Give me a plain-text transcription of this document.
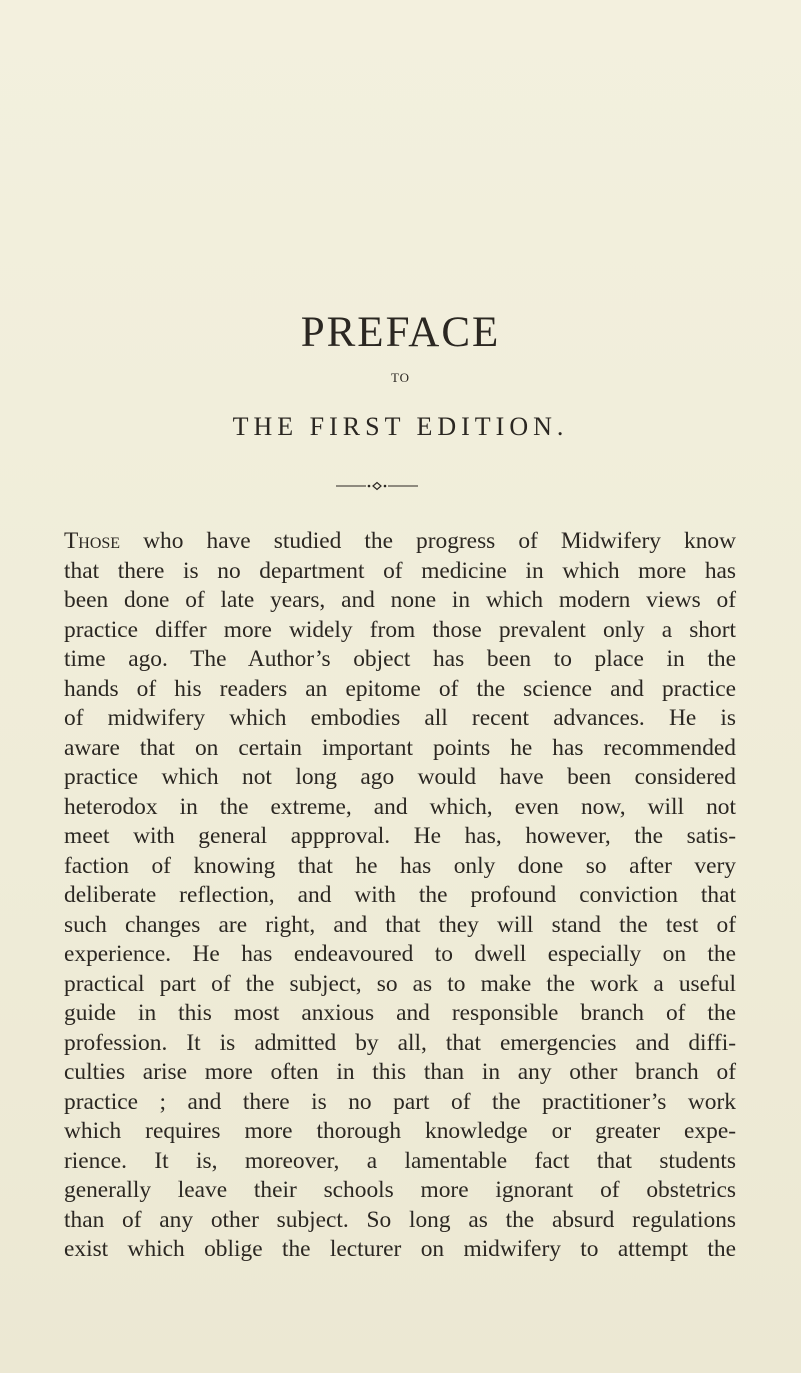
PREFACE
TO
THE FIRST EDITION.
Those who have studied the progress of Midwifery know
that there is no department of medicine in which more has
been done of late years, and none in which modern views of
practice differ more widely from those prevalent only a short
time ago. The Author’s object has been to place in the
hands of his readers an epitome of the science and practice
of midwifery which embodies all recent advances. He is
aware that on certain important points he has recommended
practice which not long ago would have been considered
heterodox in the extreme, and which, even now, will not
meet with general appproval. He has, however, the satis-
faction of knowing that he has only done so after very
deliberate reflection, and with the profound conviction that
such changes are right, and that they will stand the test of
experience. He has endeavoured to dwell especially on the
practical part of the subject, so as to make the work a useful
guide in this most anxious and responsible branch of the
profession. It is admitted by all, that emergencies and diffi-
culties arise more often in this than in any other branch of
practice ; and there is no part of the practitioner’s work
which requires more thorough knowledge or greater expe-
rience. It is, moreover, a lamentable fact that students
generally leave their schools more ignorant of obstetrics
than of any other subject. So long as the absurd regulations
exist which oblige the lecturer on midwifery to attempt the
